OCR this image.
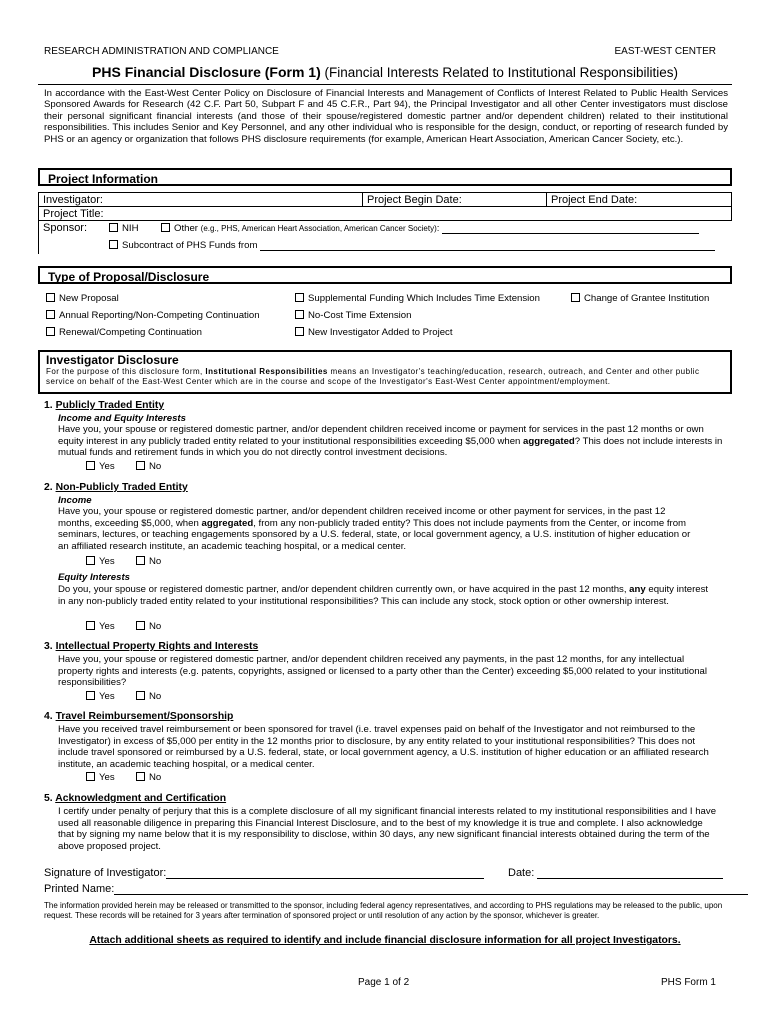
RESEARCH ADMINISTRATION AND COMPLIANCE	EAST-WEST CENTER
PHS Financial Disclosure (Form 1) (Financial Interests Related to Institutional Responsibilities)
In accordance with the East-West Center Policy on Disclosure of Financial Interests and Management of Conflicts of Interest Related to Public Health Services Sponsored Awards for Research (42 C.F. Part 50, Subpart F and 45 C.F.R., Part 94), the Principal Investigator and all other Center investigators must disclose their personal significant financial interests (and those of their spouse/registered domestic partner and/or dependent children) related to their institutional responsibilities. This includes Senior and Key Personnel, and any other individual who is responsible for the design, conduct, or reporting of research funded by PHS or an agency or organization that follows PHS disclosure requirements (for example, American Heart Association, American Cancer Society, etc.).
Project Information
Investigator:	Project Begin Date:	Project End Date:
Project Title:
Sponsor:	NIH	Other (e.g., PHS, American Heart Association, American Cancer Society):
Subcontract of PHS Funds from
Type of Proposal/Disclosure
New Proposal	Supplemental Funding Which Includes Time Extension	Change of Grantee Institution
Annual Reporting/Non-Competing Continuation	No-Cost Time Extension
Renewal/Competing Continuation	New Investigator Added to Project
Investigator Disclosure
For the purpose of this disclosure form, Institutional Responsibilities means an Investigator's teaching/education, research, outreach, and Center and other public service on behalf of the East-West Center which are in the course and scope of the Investigator's East-West Center appointment/employment.
1. Publicly Traded Entity
Income and Equity Interests
Have you, your spouse or registered domestic partner, and/or dependent children received income or payment for services in the past 12 months or own equity interest in any publicly traded entity related to your institutional responsibilities exceeding $5,000 when aggregated? This does not include interests in mutual funds and retirement funds in which you do not directly control investment decisions.
Yes	No
2. Non-Publicly Traded Entity
Income
Have you, your spouse or registered domestic partner, and/or dependent children received income or other payment for services, in the past 12 months, exceeding $5,000, when aggregated, from any non-publicly traded entity? This does not include payments from the Center, or income from seminars, lectures, or teaching engagements sponsored by a U.S. federal, state, or local government agency, a U.S. institution of higher education or an affiliated research institute, an academic teaching hospital, or a medical center.
Yes	No
Equity Interests
Do you, your spouse or registered domestic partner, and/or dependent children currently own, or have acquired in the past 12 months, any equity interest in any non-publicly traded entity related to your institutional responsibilities? This can include any stock, stock option or other ownership interest.
Yes	No
3. Intellectual Property Rights and Interests
Have you, your spouse or registered domestic partner, and/or dependent children received any payments, in the past 12 months, for any intellectual property rights and interests (e.g. patents, copyrights, assigned or licensed to a party other than the Center) exceeding $5,000 related to your institutional responsibilities?
Yes	No
4. Travel Reimbursement/Sponsorship
Have you received travel reimbursement or been sponsored for travel (i.e. travel expenses paid on behalf of the Investigator and not reimbursed to the Investigator) in excess of $5,000 per entity in the 12 months prior to disclosure, by any entity related to your institutional responsibilities? This does not include travel sponsored or reimbursed by a U.S. federal, state, or local government agency, a U.S. institution of higher education or an affiliated research institute, an academic teaching hospital, or a medical center.
Yes	No
5. Acknowledgment and Certification
I certify under penalty of perjury that this is a complete disclosure of all my significant financial interests related to my institutional responsibilities and I have used all reasonable diligence in preparing this Financial Interest Disclosure, and to the best of my knowledge it is true and complete. I also acknowledge that by signing my name below that it is my responsibility to disclose, within 30 days, any new significant financial interests obtained during the term of the above proposed project.
Signature of Investigator:	Date:
Printed Name:
The information provided herein may be released or transmitted to the sponsor, including federal agency representatives, and according to PHS regulations may be released to the public, upon request. These records will be retained for 3 years after termination of sponsored project or until resolution of any action by the sponsor, whichever is greater.
Attach additional sheets as required to identify and include financial disclosure information for all project Investigators.
Page 1 of 2	PHS Form 1
